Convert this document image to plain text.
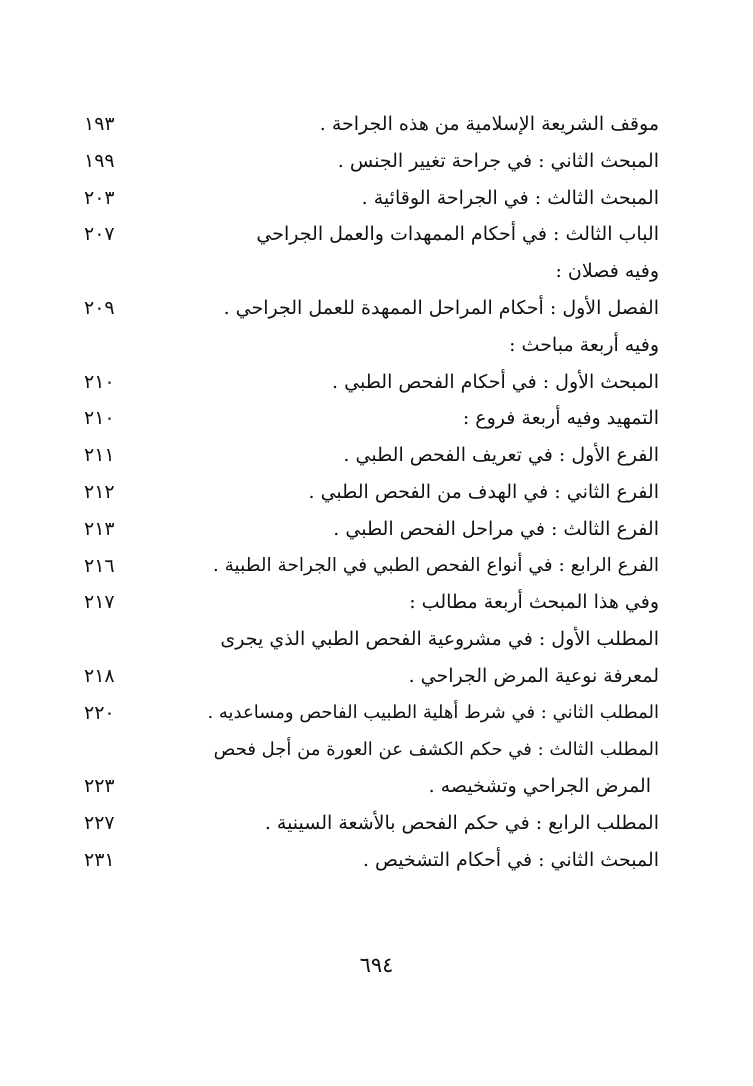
موقف الشريعة الإسلامية من هذه الجراحة .
١٩٣
المبحث الثاني : في جراحة تغيير الجنس .
١٩٩
المبحث الثالث : في الجراحة الوقائية .
٢٠٣
الباب الثالث : في أحكام الممهدات والعمل الجراحي
٢٠٧
وفيه فصلان :
الفصل الأول : أحكام المراحل الممهدة للعمل الجراحي .
٢٠٩
وفيه أربعة مباحث :
المبحث الأول : في أحكام الفحص الطبي .
٢١٠
التمهيد وفيه أربعة فروع :
٢١٠
الفرع الأول : في تعريف الفحص الطبي .
٢١١
الفرع الثاني : في الهدف من الفحص الطبي .
٢١٢
الفرع الثالث : في مراحل الفحص الطبي .
٢١٣
الفرع الرابع : في أنواع الفحص الطبي في الجراحة الطبية .
٢١٦
وفي هذا المبحث أربعة مطالب :
٢١٧
المطلب الأول : في مشروعية الفحص الطبي الذي يجرى
لمعرفة نوعية المرض الجراحي .
٢١٨
المطلب الثاني : في شرط أهلية الطبيب الفاحص ومساعديه .
٢٢٠
المطلب الثالث : في حكم الكشف عن العورة من أجل فحص
المرض الجراحي وتشخيصه .
٢٢٣
المطلب الرابع : في حكم الفحص بالأشعة السينية .
٢٢٧
المبحث الثاني : في أحكام التشخيص .
٢٣١
٦٩٤
